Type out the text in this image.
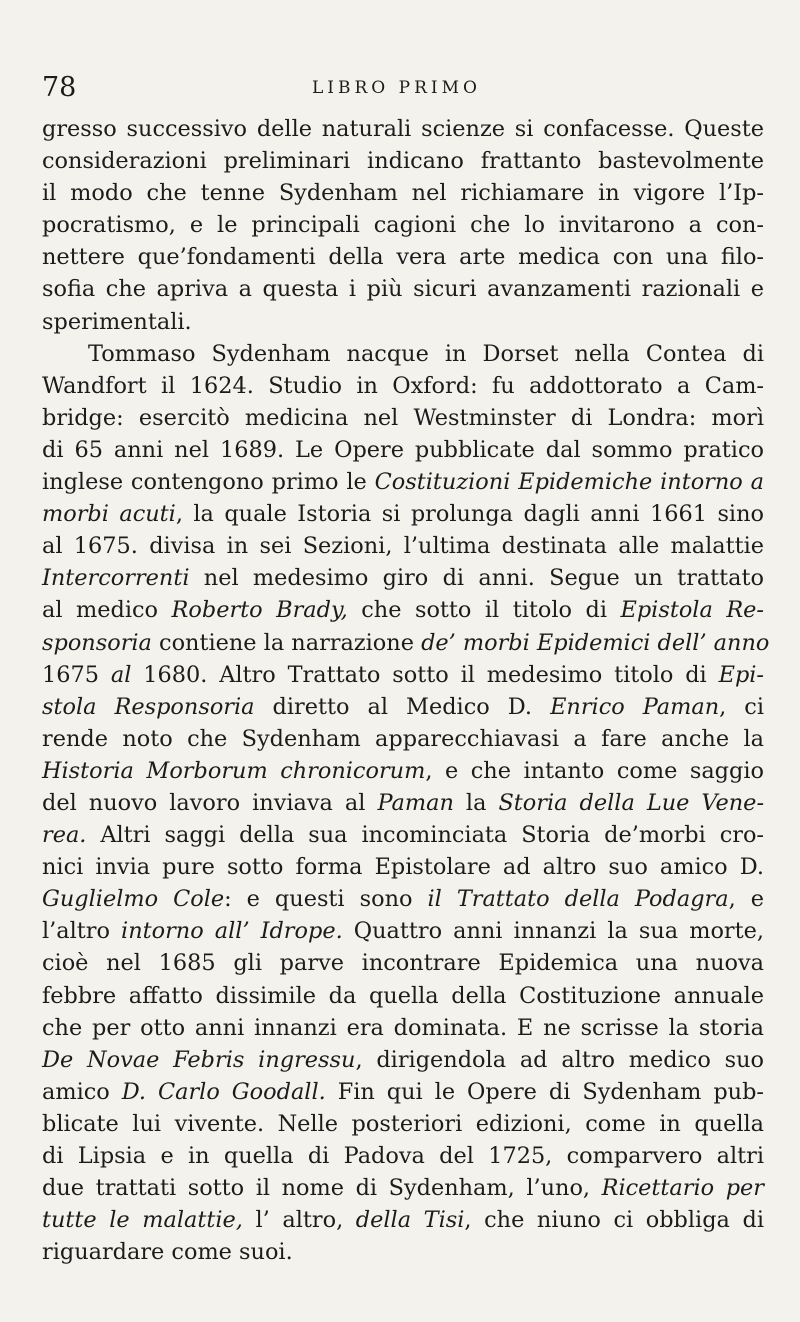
78	LIBRO PRIMO
gresso successivo delle naturali scienze si confacesse. Queste
considerazioni preliminari indicano frattanto bastevolmente
il modo che tenne Sydenham nel richiamare in vigore l’Ip-
pocratismo, e le principali cagioni che lo invitarono a con-
nettere que’fondamenti della vera arte medica con una filo-
sofia che apriva a questa i più sicuri avanzamenti razionali e
sperimentali.
Tommaso Sydenham nacque in Dorset nella Contea di
Wandfort il 1624. Studio in Oxford: fu addottorato a Cam-
bridge: esercitò medicina nel Westminster di Londra: morì
di 65 anni nel 1689. Le Opere pubblicate dal sommo pratico
inglese contengono primo le Costituzioni Epidemiche intorno a
morbi acuti, la quale Istoria si prolunga dagli anni 1661 sino
al 1675. divisa in sei Sezioni, l’ultima destinata alle malattie
Intercorrenti nel medesimo giro di anni. Segue un trattato
al medico Roberto Brady, che sotto il titolo di Epistola Re-
sponsoria contiene la narrazione de’ morbi Epidemici dell’ anno
1675 al 1680. Altro Trattato sotto il medesimo titolo di Epi-
stola Responsoria diretto al Medico D. Enrico Paman, ci
rende noto che Sydenham apparecchiavasi a fare anche la
Historia Morborum chronicorum, e che intanto come saggio
del nuovo lavoro inviava al Paman la Storia della Lue Vene-
rea. Altri saggi della sua incominciata Storia de’morbi cro-
nici invia pure sotto forma Epistolare ad altro suo amico D.
Guglielmo Cole: e questi sono il Trattato della Podagra, e
l’altro intorno all’ Idrope. Quattro anni innanzi la sua morte,
cioè nel 1685 gli parve incontrare Epidemica una nuova
febbre affatto dissimile da quella della Costituzione annuale
che per otto anni innanzi era dominata. E ne scrisse la storia
De Novae Febris ingressu, dirigendola ad altro medico suo
amico D. Carlo Goodall. Fin qui le Opere di Sydenham pub-
blicate lui vivente. Nelle posteriori edizioni, come in quella
di Lipsia e in quella di Padova del 1725, comparvero altri
due trattati sotto il nome di Sydenham, l’uno, Ricettario per
tutte le malattie, l’ altro, della Tisi, che niuno ci obbliga di
riguardare come suoi.
